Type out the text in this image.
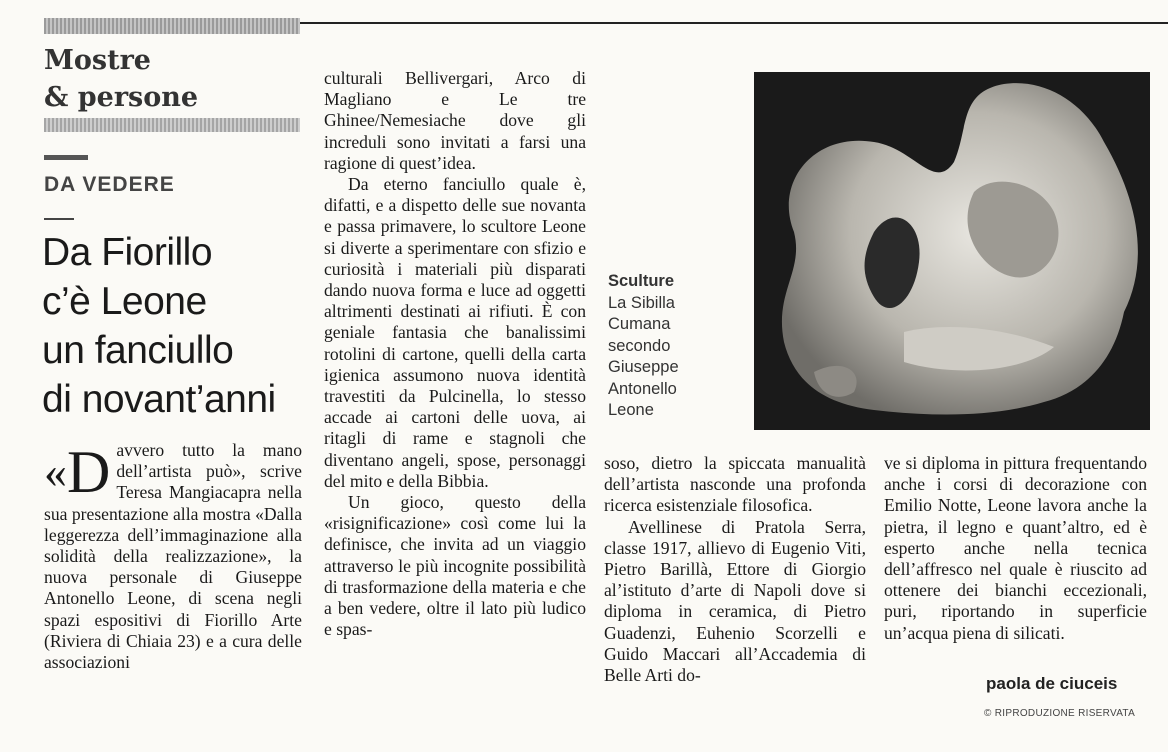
Mostre
& persone
DA VEDERE
Da Fiorillo
c’è Leone
un fanciullo
di novant’anni

«D avvero tutto la mano dell’artista può», scrive Teresa Mangiacapra nella sua presentazione alla mostra «Dalla leggerezza dell’immaginazione alla solidità della realizzazione», la nuova personale di Giuseppe Antonello Leone, di scena negli spazi espositivi di Fiorillo Arte (Riviera di Chiaia 23) e a cura delle associazioni

culturali Bellivergari, Arco di Magliano e Le tre Ghinee/Nemesiache dove gli increduli sono invitati a farsi una ragione di quest’idea.

Da eterno fanciullo quale è, difatti, e a dispetto delle sue novanta e passa primavere, lo scultore Leone si diverte a sperimentare con sfizio e curiosità i materiali più disparati dando nuova forma e luce ad oggetti altrimenti destinati ai rifiuti. È con geniale fantasia che banalissimi rotolini di cartone, quelli della carta igienica assumono nuova identità travestiti da Pulcinella, lo stesso accade ai cartoni delle uova, ai ritagli di rame e stagnoli che diventano angeli, spose, personaggi del mito e della Bibbia.

Un gioco, questo della «risignificazione» così come lui la definisce, che invita ad un viaggio attraverso le più incognite possibilità di trasformazione della materia e che a ben vedere, oltre il lato più ludico e spas-

Sculture
La Sibilla
Cumana
secondo
Giuseppe
Antonello
Leone

soso, dietro la spiccata manualità dell’artista nasconde una profonda ricerca esistenziale filosofica.

Avellinese di Pratola Serra, classe 1917, allievo di Eugenio Viti, Pietro Barillà, Ettore di Giorgio al’istituto d’arte di Napoli dove si diploma in ceramica, di Pietro Guadenzi, Euhenio Scorzelli e Guido Maccari all’Accademia di Belle Arti do-

ve si diploma in pittura frequentando anche i corsi di decorazione con Emilio Notte, Leone lavora anche la pietra, il legno e quant’altro, ed è esperto anche nella tecnica dell’affresco nel quale è riuscito ad ottenere dei bianchi eccezionali, puri, riportando in superficie un’acqua piena di silicati.

paola de ciuceis
© RIPRODUZIONE RISERVATA
